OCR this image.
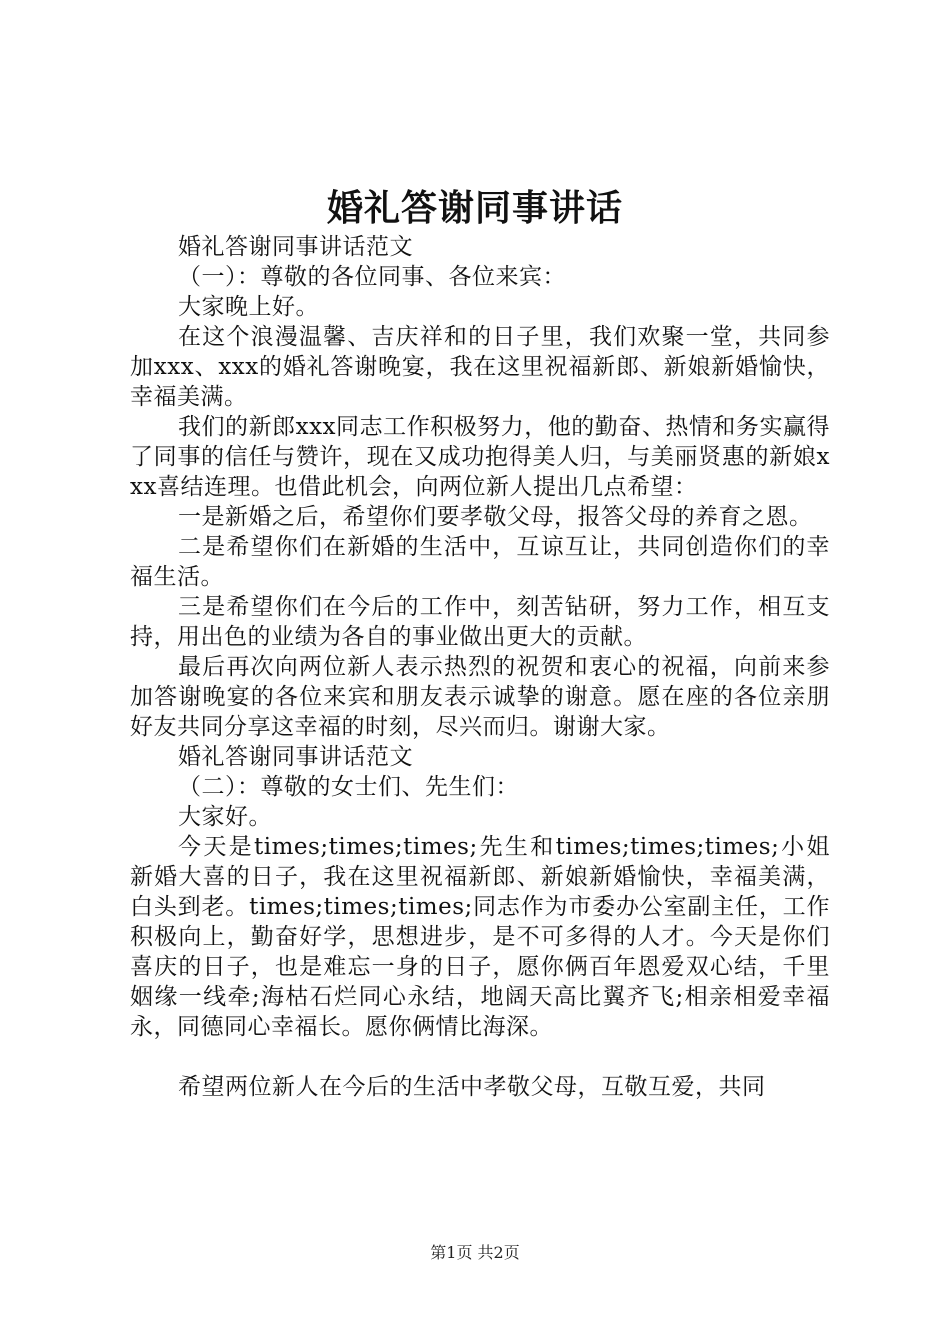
婚礼答谢同事讲话

婚礼答谢同事讲话范文

（一）：尊敬的各位同事、各位来宾：

大家晚上好。

在这个浪漫温馨、吉庆祥和的日子里，我们欢聚一堂，共同参加xxx、xxx的婚礼答谢晚宴，我在这里祝福新郎、新娘新婚愉快，幸福美满。

我们的新郎xxx同志工作积极努力，他的勤奋、热情和务实赢得了同事的信任与赞许，现在又成功抱得美人归，与美丽贤惠的新娘xxx喜结连理。也借此机会，向两位新人提出几点希望：

一是新婚之后，希望你们要孝敬父母，报答父母的养育之恩。

二是希望你们在新婚的生活中，互谅互让，共同创造你们的幸福生活。

三是希望你们在今后的工作中，刻苦钻研，努力工作，相互支持，用出色的业绩为各自的事业做出更大的贡献。

最后再次向两位新人表示热烈的祝贺和衷心的祝福，向前来参加答谢晚宴的各位来宾和朋友表示诚挚的谢意。愿在座的各位亲朋好友共同分享这幸福的时刻，尽兴而归。谢谢大家。

婚礼答谢同事讲话范文

（二）：尊敬的女士们、先生们：

大家好。

今天是times;times;times;先生和times;times;times;小姐新婚大喜的日子，我在这里祝福新郎、新娘新婚愉快，幸福美满，白头到老。times;times;times;同志作为市委办公室副主任，工作积极向上，勤奋好学，思想进步，是不可多得的人才。今天是你们喜庆的日子，也是难忘一身的日子，愿你俩百年恩爱双心结，千里姻缘一线牵;海枯石烂同心永结，地阔天高比翼齐飞;相亲相爱幸福永，同德同心幸福长。愿你俩情比海深。

希望两位新人在今后的生活中孝敬父母，互敬互爱，共同

第1页 共2页
